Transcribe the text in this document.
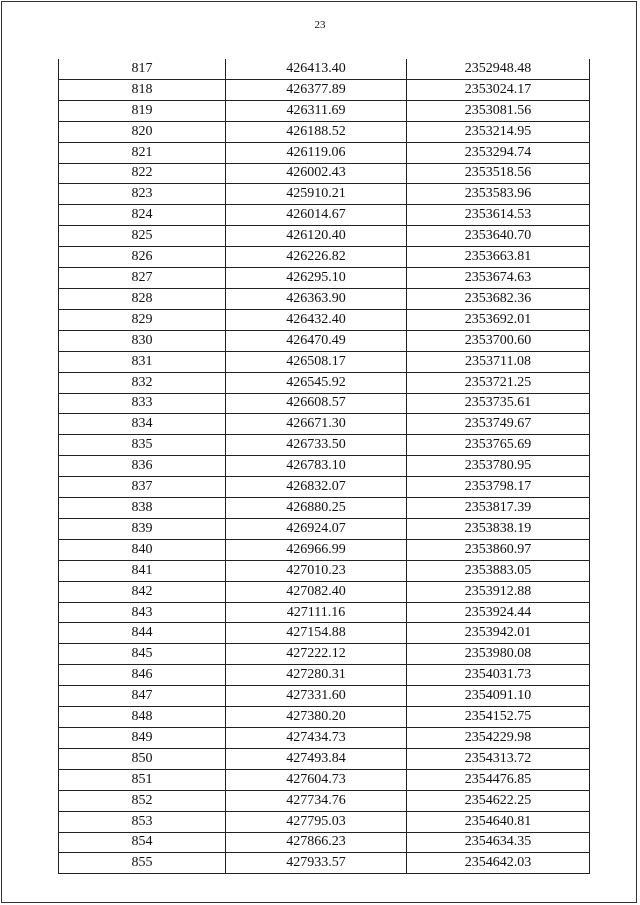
23
817	426413.40	2352948.48
818	426377.89	2353024.17
819	426311.69	2353081.56
820	426188.52	2353214.95
821	426119.06	2353294.74
822	426002.43	2353518.56
823	425910.21	2353583.96
824	426014.67	2353614.53
825	426120.40	2353640.70
826	426226.82	2353663.81
827	426295.10	2353674.63
828	426363.90	2353682.36
829	426432.40	2353692.01
830	426470.49	2353700.60
831	426508.17	2353711.08
832	426545.92	2353721.25
833	426608.57	2353735.61
834	426671.30	2353749.67
835	426733.50	2353765.69
836	426783.10	2353780.95
837	426832.07	2353798.17
838	426880.25	2353817.39
839	426924.07	2353838.19
840	426966.99	2353860.97
841	427010.23	2353883.05
842	427082.40	2353912.88
843	427111.16	2353924.44
844	427154.88	2353942.01
845	427222.12	2353980.08
846	427280.31	2354031.73
847	427331.60	2354091.10
848	427380.20	2354152.75
849	427434.73	2354229.98
850	427493.84	2354313.72
851	427604.73	2354476.85
852	427734.76	2354622.25
853	427795.03	2354640.81
854	427866.23	2354634.35
855	427933.57	2354642.03
